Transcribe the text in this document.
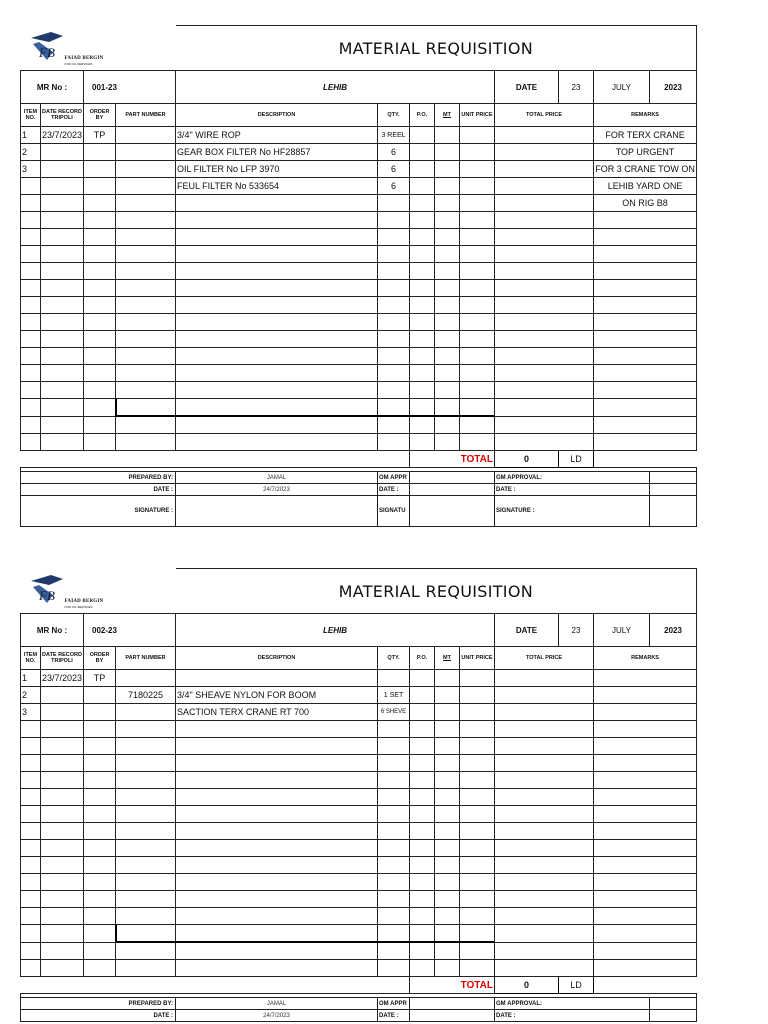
FB FAIAD BERGIN
FOR OIL SERVICES				MATERIAL REQUISITION								
MR No :		001-23		LEHIB					DATE	23	JULY	2023
ITEM NO.	DATE RECORD TRIPOLI	ORDER BY	PART NUMBER	DESCRIPTION	QTY.	P.O.	MT	UNIT PRICE	TOTAL PRICE		REMARKS	
1	23/7/2023	TP		3/4" WIRE ROP	3 REEL						FOR TERX CRANE	
2				GEAR BOX FILTER No HF28857	6						TOP URGENT	
3				OIL FILTER No LFP 3970	6						FOR 3 CRANE TOW ON	
				FEUL FILTER No 533654	6						LEHIB YARD ONE	
											ON RIG B8	

						TOTAL			0	LD		

PREPARED BY:				JAMAL	OM APPR				GM APPROVAL:			
DATE :				24/7/2023	DATE :				DATE :			
SIGNATURE :					SIGNATU				SIGNATURE :			
FB FAIAD BERGIN
FOR OIL SERVICES				MATERIAL REQUISITION								
MR No :		002-23		LEHIB					DATE	23	JULY	2023
ITEM NO.	DATE RECORD TRIPOLI	ORDER BY	PART NUMBER	DESCRIPTION	QTY.	P.O.	MT	UNIT PRICE	TOTAL PRICE		REMARKS	
1	23/7/2023	TP										
2			7180225	3/4" SHEAVE NYLON FOR BOOM	1 SET							
3				SACTION TERX CRANE RT 700	6 SHEVE							

						TOTAL			0	LD		

PREPARED BY:				JAMAL	OM APPR				GM APPROVAL:			
DATE :				24/7/2023	DATE :				DATE :			
